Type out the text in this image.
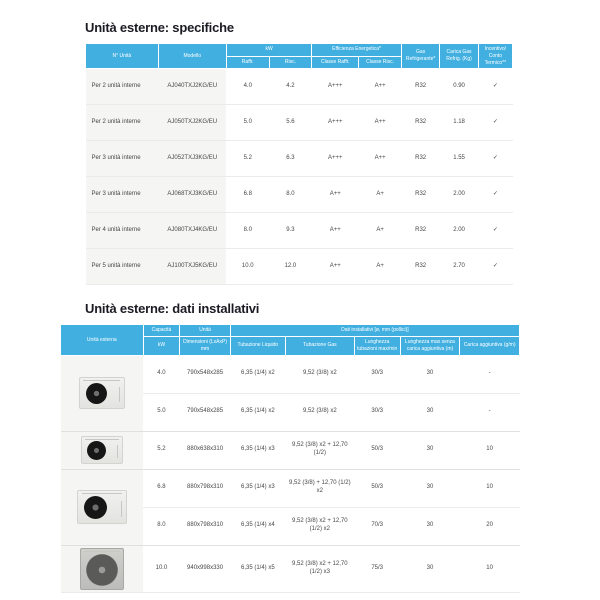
Unità esterne: specifiche
N° Unità	Modello	kW		Efficienza Energetica*		Gas Refrigerante*	Carica Gas Refrig. (Kg)	Incentivo/ Conto Termico**
		Raffr.	Risc.	Classe Raffr.	Classe Risc.			
Per 2 unità interne	AJ040TXJ2KG/EU	4.0	4.2	A+++	A++	R32	0.90	✓
Per 2 unità interne	AJ050TXJ2KG/EU	5.0	5.6	A+++	A++	R32	1.18	✓
Per 3 unità interne	AJ052TXJ3KG/EU	5.2	6.3	A+++	A++	R32	1.55	✓
Per 3 unità interne	AJ068TXJ3KG/EU	6.8	8.0	A++	A+	R32	2.00	✓
Per 4 unità interne	AJ080TXJ4KG/EU	8.0	9.3	A++	A+	R32	2.00	✓
Per 5 unità interne	AJ100TXJ5KG/EU	10.0	12.0	A++	A+	R32	2.70	✓
Unità esterne: dati installativi
Unità esterna	Capacità	Unità	Dati installativi [ø, mm (pollici)]				
	kW	Dimensioni (LxAxP) mm	Tubazione Liquido	Tubazione Gas	Lunghezza tubazioni max/min	Lunghezza max senza carica aggiuntiva (m)	Carica aggiuntiva (g/m)

	4.0	790x548x285	6,35 (1/4) x2	9,52 (3/8) x2	30/3	30	-
	5.0	790x548x285	6,35 (1/4) x2	9,52 (3/8) x2	30/3	30	-

	5.2	880x638x310	6,35 (1/4) x3	9,52 (3/8) x2 + 12,70 (1/2)	50/3	30	10

	6.8	880x798x310	6,35 (1/4) x3	9,52 (3/8) + 12,70 (1/2) x2	50/3	30	10
	8.0	880x798x310	6,35 (1/4) x4	9,52 (3/8) x2 + 12,70 (1/2) x2	70/3	30	20

	10.0	940x998x330	6,35 (1/4) x5	9,52 (3/8) x2 + 12,70 (1/2) x3	75/3	30	10
